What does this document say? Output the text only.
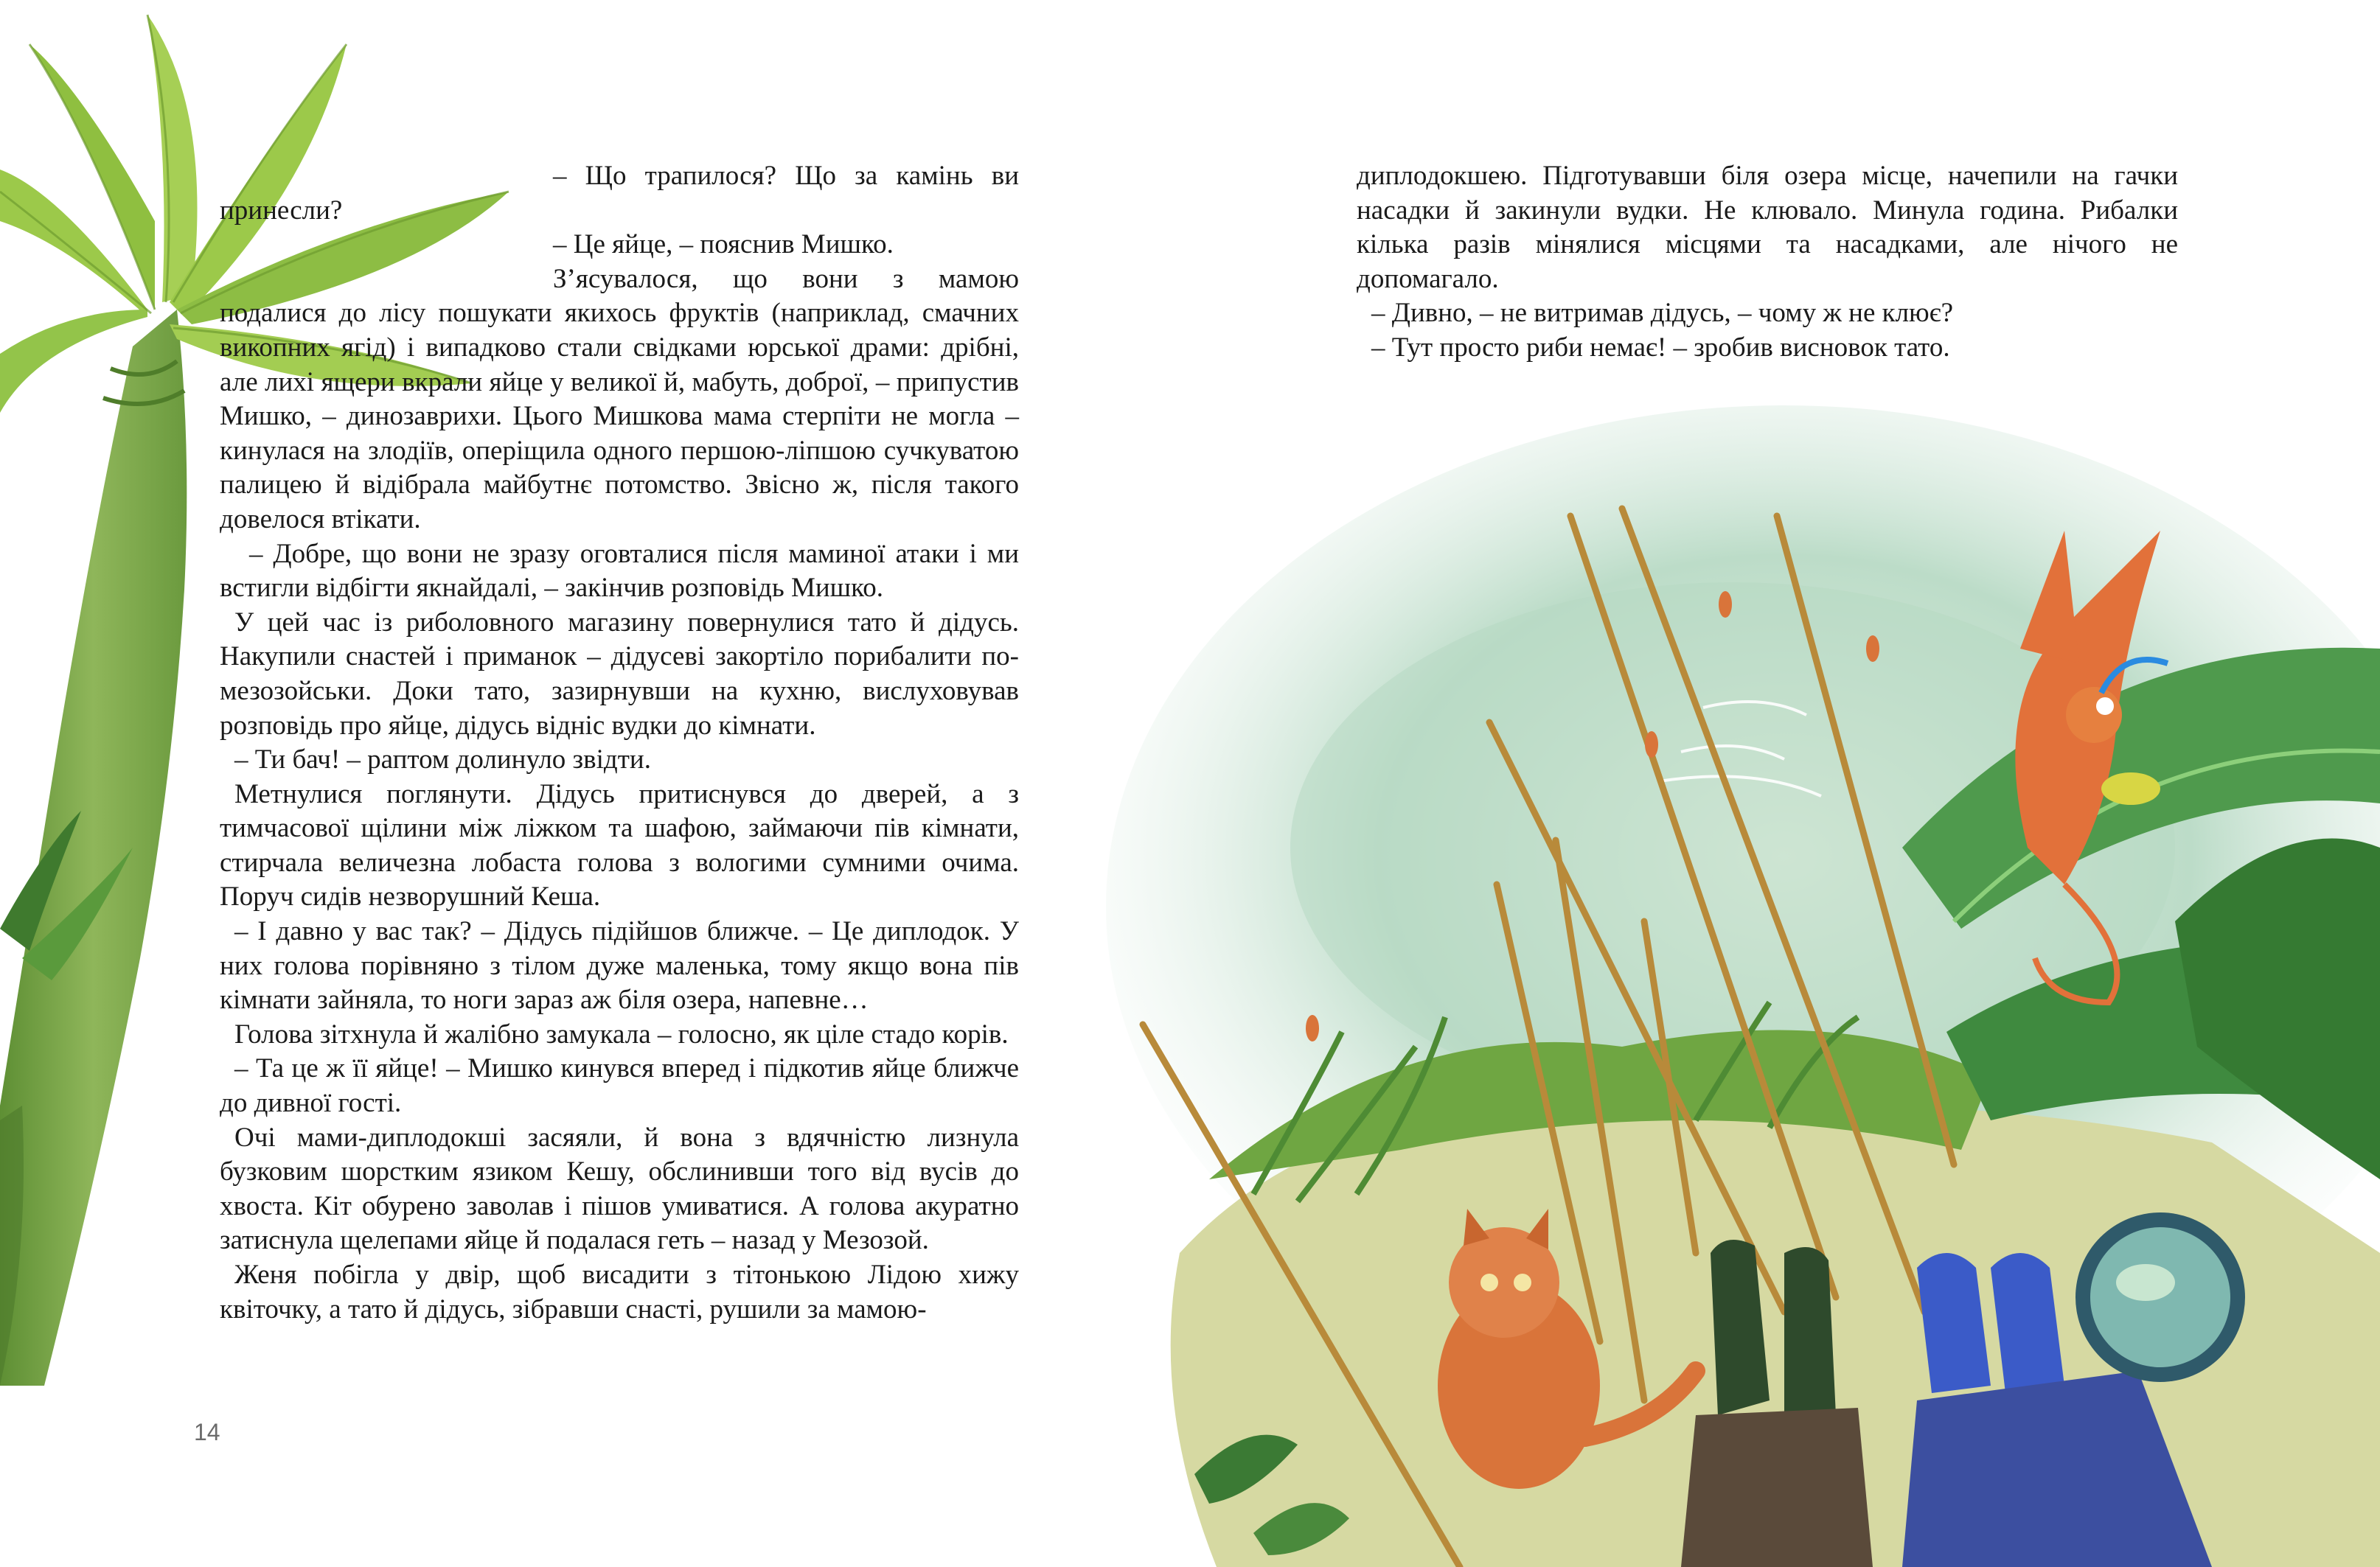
– Що трапилося? Що за камінь ви принесли?

– Це яйце, – пояснив Мишко.

З’ясувалося, що вони з мамою подалися до лісу пошукати якихось фруктів (наприклад, смачних викопних ягід) і випадково стали свідками юрської драми: дрібні, але лихі ящери вкрали яйце у великої й, мабуть, доброї, – припустив Мишко, – динозаврихи. Цього Мишкова мама стерпіти не могла – кинулася на злодіїв, оперіщила одного першою-ліпшою сучкуватою палицею й відібрала майбутнє потомство. Звісно ж, після такого довелося втікати.

– Добре, що вони не зразу оговталися після маминої атаки і ми встигли відбігти якнайдалі, – закінчив розповідь Мишко.

У цей час із риболовного магазину повернулися тато й дідусь. Накупили снастей і приманок – дідусеві закортіло порибалити по-мезозойськи. Доки тато, зазирнувши на кухню, вислуховував розповідь про яйце, дідусь відніс вудки до кімнати.

– Ти бач! – раптом долинуло звідти.

Метнулися поглянути. Дідусь притиснувся до дверей, а з тимчасової щілини між ліжком та шафою, займаючи пів кімнати, стирчала величезна лобаста голова з вологими сумними очима. Поруч сидів незворушний Кеша.

– І давно у вас так? – Дідусь підійшов ближче. – Це диплодок. У них голова порівняно з тілом дуже маленька, тому якщо вона пів кімнати зайняла, то ноги зараз аж біля озера, напевне…

Голова зітхнула й жалібно замукала – голосно, як ціле стадо корів.

– Та це ж її яйце! – Мишко кинувся вперед і підкотив яйце ближче до дивної гості.

Очі мами-диплодокші засяяли, й вона з вдячністю лизнула бузковим шорстким язиком Кешу, обслинивши того від вусів до хвоста. Кіт обурено заволав і пішов умиватися. А голова акуратно затиснула щелепами яйце й подалася геть – назад у Мезозой.

Женя побігла у двір, щоб висадити з тітонькою Лідою хижу квіточку, а тато й дідусь, зібравши снасті, рушили за мамою-

14

диплодокшею. Підготувавши біля озера місце, начепили на гачки насадки й закинули вудки. Не клювало. Минула година. Рибалки кілька разів мінялися місцями та насадками, але нічого не допомагало.

– Дивно, – не витримав дідусь, – чому ж не клює?

– Тут просто риби немає! – зробив висновок тато.
